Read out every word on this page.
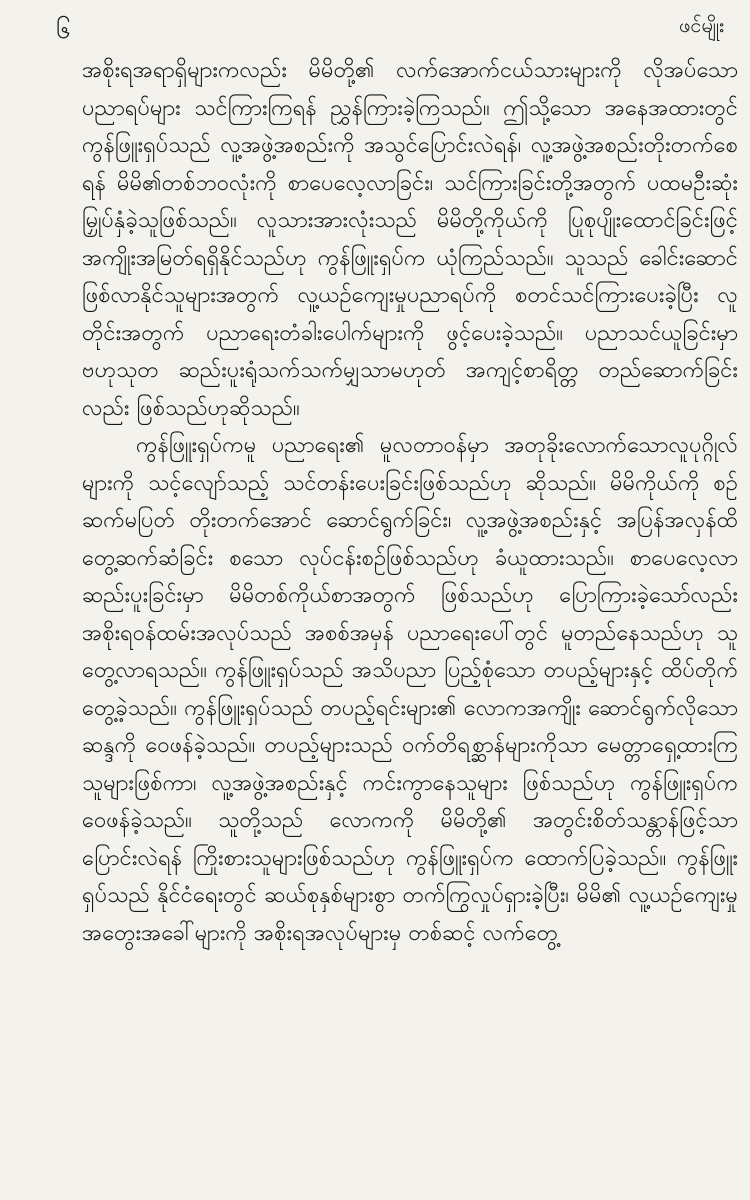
၆	ဖင်မျိုး

အစိုးရအရာရှိများကလည်း မိမိတို့၏ လက်အောက်ငယ်သားများကို လိုအပ်သောပညာရပ်များ သင်ကြားကြရန် ညွှန်ကြားခဲ့ကြသည်။ ဤသို့သော အနေအထားတွင် ကွန်ဖြူးရှပ်သည် လူ့အဖွဲ့အစည်းကို အသွင်ပြောင်းလဲရန်၊ လူ့အဖွဲ့အစည်းတိုးတက်စေရန် မိမိ၏တစ်ဘဝလုံးကို စာပေလေ့လာခြင်း၊ သင်ကြားခြင်းတို့အတွက် ပထမဦးဆုံး မြှုပ်နှံခဲ့သူဖြစ်သည်။ လူသားအားလုံးသည် မိမိတို့ကိုယ်ကို ပြုစုပျိုးထောင်ခြင်းဖြင့် အကျိုးအမြတ်ရရှိနိုင်သည်ဟု ကွန်ဖြူးရှပ်က ယုံကြည်သည်။ သူသည် ခေါင်းဆောင်ဖြစ်လာနိုင်သူများအတွက် လူ့ယဉ်ကျေးမှုပညာရပ်ကို စတင်သင်ကြားပေးခဲ့ပြီး လူတိုင်းအတွက် ပညာရေးတံခါးပေါက်များကို ဖွင့်ပေးခဲ့သည်။ ပညာသင်ယူခြင်းမှာ ဗဟုသုတ ဆည်းပူးရုံသက်သက်မျှသာမဟုတ် အကျင့်စာရိတ္တ တည်ဆောက်ခြင်းလည်း ဖြစ်သည်ဟုဆိုသည်။

ကွန်ဖြူးရှပ်ကမူ ပညာရေး၏ မူလတာဝန်မှာ အတုခိုးလောက်သောလူပုဂ္ဂိုလ်များကို သင့်လျော်သည့် သင်တန်းပေးခြင်းဖြစ်သည်ဟု ဆိုသည်။ မိမိကိုယ်ကို စဉ်ဆက်မပြတ် တိုးတက်အောင် ဆောင်ရွက်ခြင်း၊ လူ့အဖွဲ့အစည်းနှင့် အပြန်အလှန်ထိတွေ့ဆက်ဆံခြင်း စသော လုပ်ငန်းစဉ်ဖြစ်သည်ဟု ခံယူထားသည်။ စာပေလေ့လာဆည်းပူးခြင်းမှာ မိမိတစ်ကိုယ်စာအတွက် ဖြစ်သည်ဟု ပြောကြားခဲ့သော်လည်း အစိုးရဝန်ထမ်းအလုပ်သည် အစစ်အမှန် ပညာရေးပေါ်တွင် မူတည်နေသည်ဟု သူ တွေ့လာရသည်။ ကွန်ဖြူးရှပ်သည် အသိပညာ ပြည့်စုံသော တပည့်များနှင့် ထိပ်တိုက်တွေ့ခဲ့သည်။ ကွန်ဖြူးရှပ်သည် တပည့်ရင်းများ၏ လောကအကျိုး ဆောင်ရွက်လိုသော ဆန္ဒကို ဝေဖန်ခဲ့သည်။ တပည့်များသည် ဝက်တိရစ္ဆာန်များကိုသာ မေတ္တာရှေ့ထားကြသူများဖြစ်ကာ၊ လူ့အဖွဲ့အစည်းနှင့် ကင်းကွာနေသူများ ဖြစ်သည်ဟု ကွန်ဖြူးရှပ်က ဝေဖန်ခဲ့သည်။ သူတို့သည် လောကကို မိမိတို့၏ အတွင်းစိတ်သန္တာန်ဖြင့်သာ ပြောင်းလဲရန် ကြိုးစားသူများဖြစ်သည်ဟု ကွန်ဖြူးရှပ်က ထောက်ပြခဲ့သည်။ ကွန်ဖြူးရှပ်သည် နိုင်ငံရေးတွင် ဆယ်စုနှစ်များစွာ တက်ကြွလှုပ်ရှားခဲ့ပြီး၊ မိမိ၏ လူ့ယဉ်ကျေးမှု အတွေးအခေါ်များကို အစိုးရအလုပ်များမှ တစ်ဆင့် လက်တွေ့
